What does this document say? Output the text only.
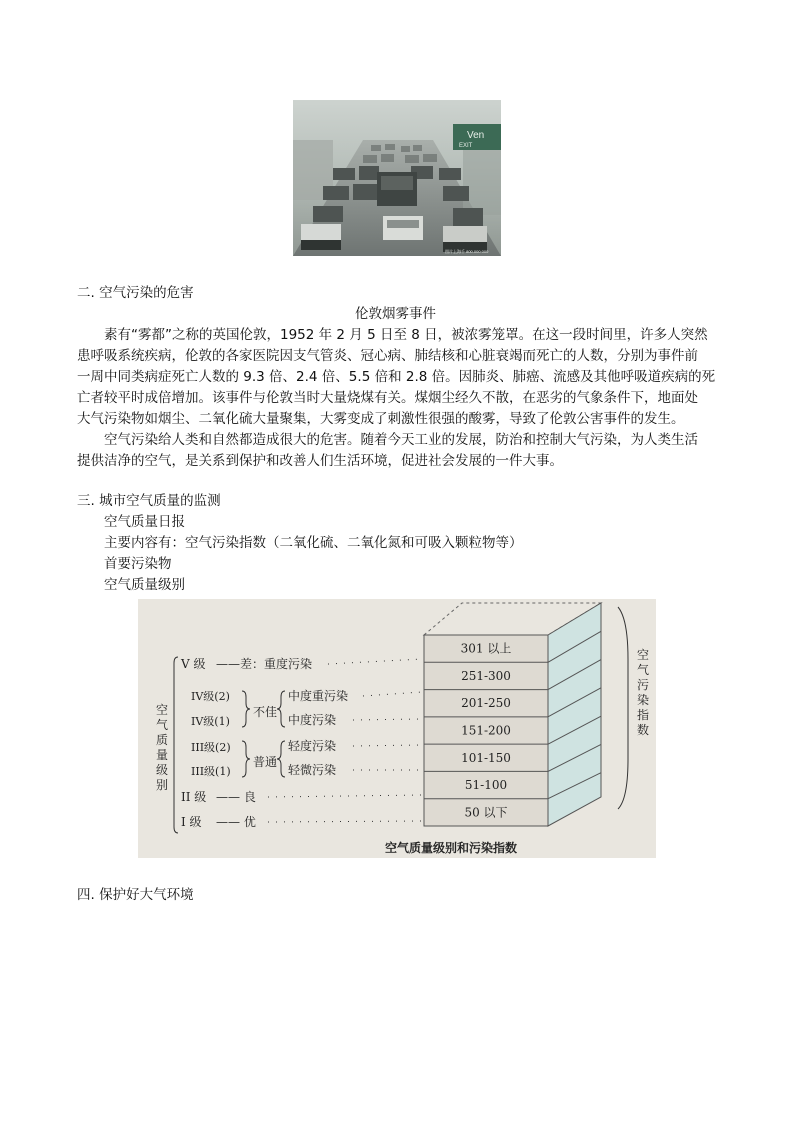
Ven
EXIT
图片上海千 800.000 000
二. 空气污染的危害
伦敦烟雾事件
素有“雾都”之称的英国伦敦，1952 年 2 月 5 日至 8 日，被浓雾笼罩。在这一段时间里，许多人突然
患呼吸系统疾病，伦敦的各家医院因支气管炎、冠心病、肺结核和心脏衰竭而死亡的人数，分别为事件前
一周中同类病症死亡人数的 9.3 倍、2.4 倍、5.5 倍和 2.8 倍。因肺炎、肺癌、流感及其他呼吸道疾病的死
亡者较平时成倍增加。该事件与伦敦当时大量烧煤有关。煤烟尘经久不散，在恶劣的气象条件下，地面处
大气污染物如烟尘、二氧化硫大量聚集，大雾变成了刺激性很强的酸雾，导致了伦敦公害事件的发生。
空气污染给人类和自然都造成很大的危害。随着今天工业的发展，防治和控制大气污染，为人类生活
提供洁净的空气，是关系到保护和改善人们生活环境，促进社会发展的一件大事。
三. 城市空气质量的监测
空气质量日报
主要内容有：空气污染指数（二氧化硫、二氧化氮和可吸入颗粒物等）
首要污染物
空气质量级别
301 以上
251-300
201-250
151-200
101-150
51-100
50 以下
V 级 ——差：重度污染
IV级(2)
IV级(1)
III级(2)
III级(1)
不佳
普通
中度重污染
中度污染
轻度污染
轻微污染
II 级 —— 良
I 级 —— 优
空
气
质
量
级
别
空
气
污
染
指
数
空气质量级别和污染指数
四. 保护好大气环境
